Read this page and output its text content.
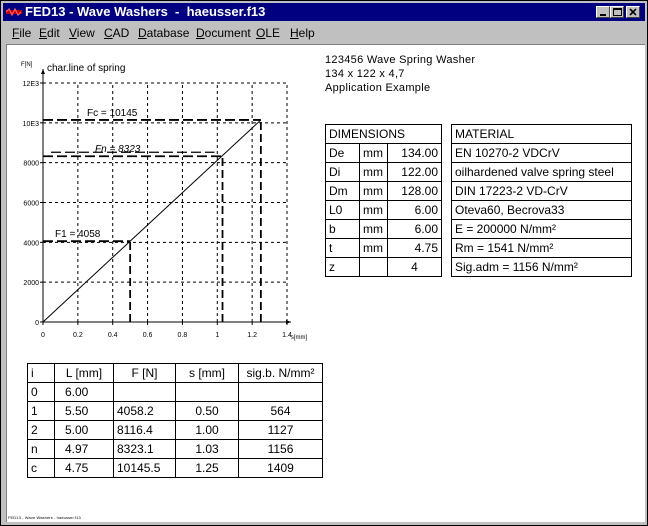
FED13 - Wave Washers  -  haeusser.f13
File Edit View CAD Database Document OLE Help
0	0.2	0.4	0.6	0.8	1	1.2	1.4
0
2000
4000
6000
8000
10E3
12E3
F[N] char.line of spring
s[mm]
F1 = 4058
Fn = 8323
Fc = 10145
123456 Wave Spring Washer
134 x 122 x 4,7
Application Example
DIMENSIONS		
De	mm	134.00
Di	mm	122.00
Dm	mm	128.00
L0	mm	6.00
b	mm	6.00
t	mm	4.75
z		4
MATERIAL
EN 10270-2 VDCrV
oilhardened valve spring steel
DIN 17223-2 VD-CrV
Oteva60, Becrova33
E = 200000 N/mm²
Rm = 1541 N/mm²
Sig.adm = 1156 N/mm²
i	L [mm]	F [N]	s [mm]	sig.b. N/mm²
0	6.00			
1	5.50	4058.2	0.50	564
2	5.00	8116.4	1.00	1127
n	4.97	8323.1	1.03	1156
c	4.75	10145.5	1.25	1409
FED13 - Wave Washers - haeusser.f13
